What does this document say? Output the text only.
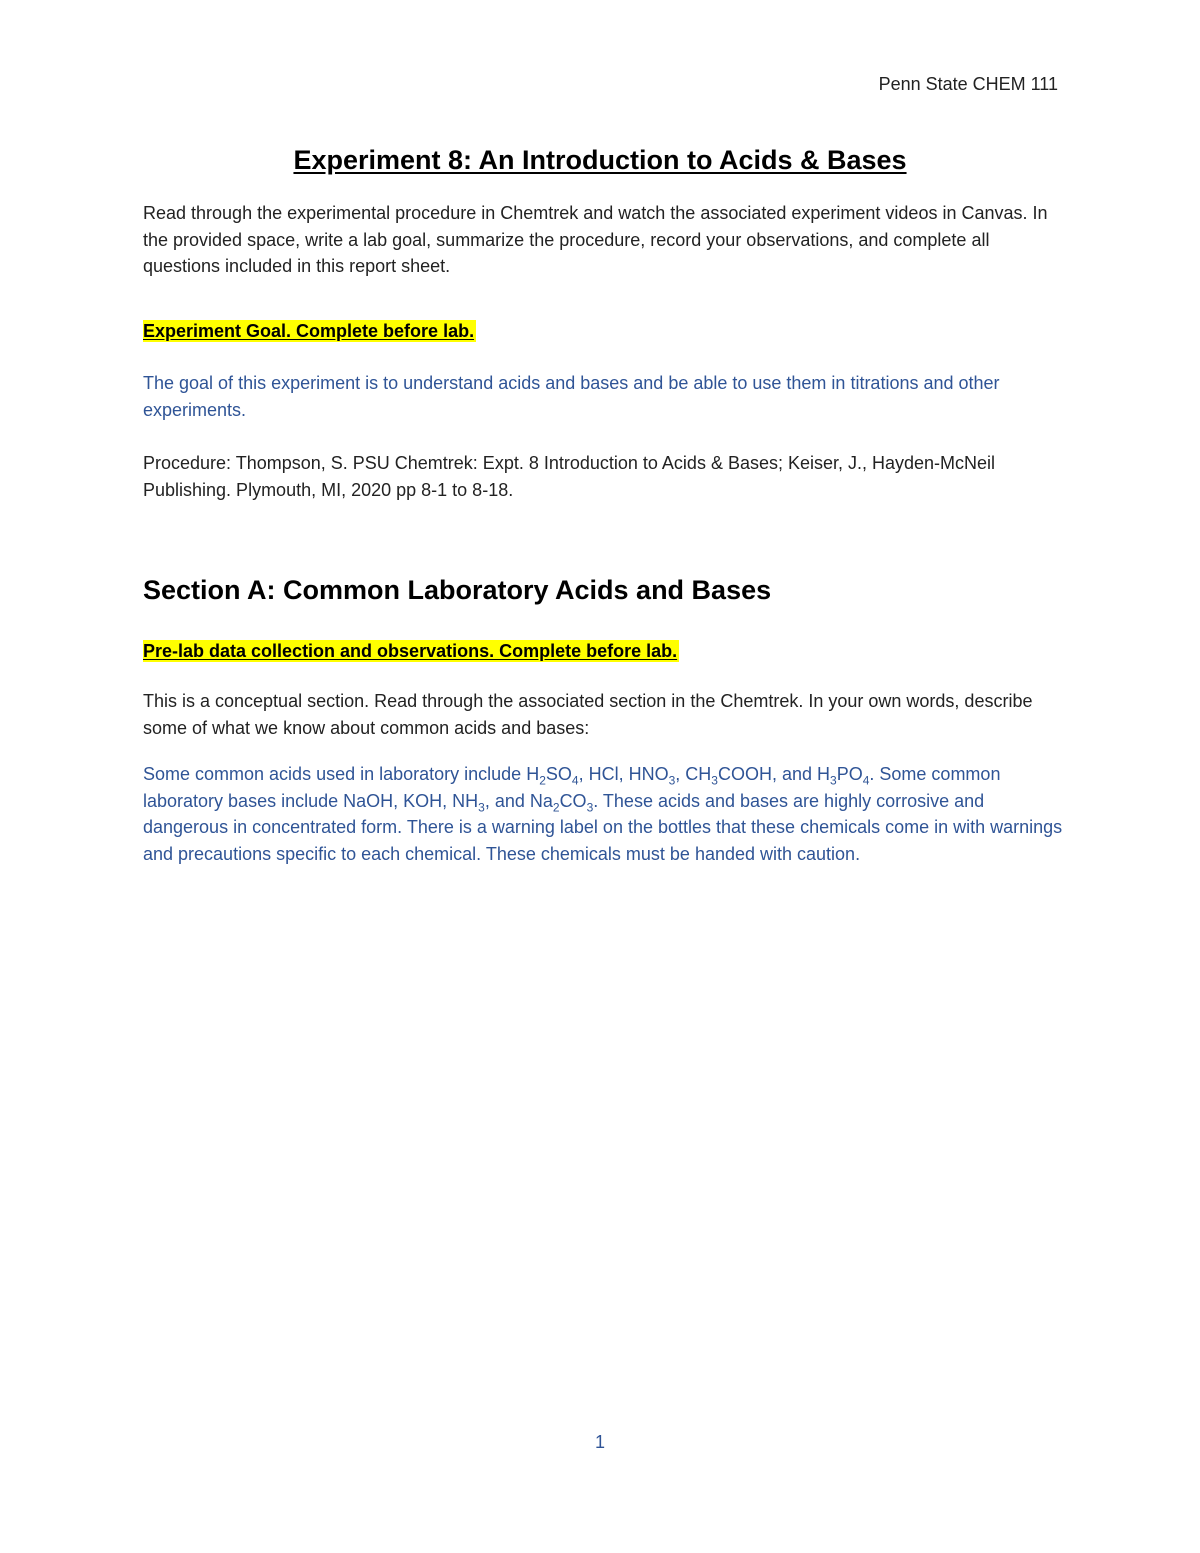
Penn State CHEM 111
Experiment 8: An Introduction to Acids & Bases
Read through the experimental procedure in Chemtrek and watch the associated experiment videos in Canvas. In the provided space, write a lab goal, summarize the procedure, record your observations, and complete all questions included in this report sheet.
Experiment Goal. Complete before lab.
The goal of this experiment is to understand acids and bases and be able to use them in titrations and other experiments.
Procedure: Thompson, S. PSU Chemtrek: Expt. 8 Introduction to Acids & Bases; Keiser, J., Hayden-McNeil Publishing. Plymouth, MI, 2020 pp 8-1 to 8-18.
Section A: Common Laboratory Acids and Bases
Pre-lab data collection and observations. Complete before lab.
This is a conceptual section. Read through the associated section in the Chemtrek. In your own words, describe some of what we know about common acids and bases:
Some common acids used in laboratory include $H_2SO_4$, HCl, $HNO_3$, $CH_3COOH$, and $H_3PO_4$. Some common laboratory bases include NaOH, KOH, $NH_3$, and $Na_2CO_3$. These acids and bases are highly corrosive and dangerous in concentrated form. There is a warning label on the bottles that these chemicals come in with warnings and precautions specific to each chemical. These chemicals must be handed with caution.
1
